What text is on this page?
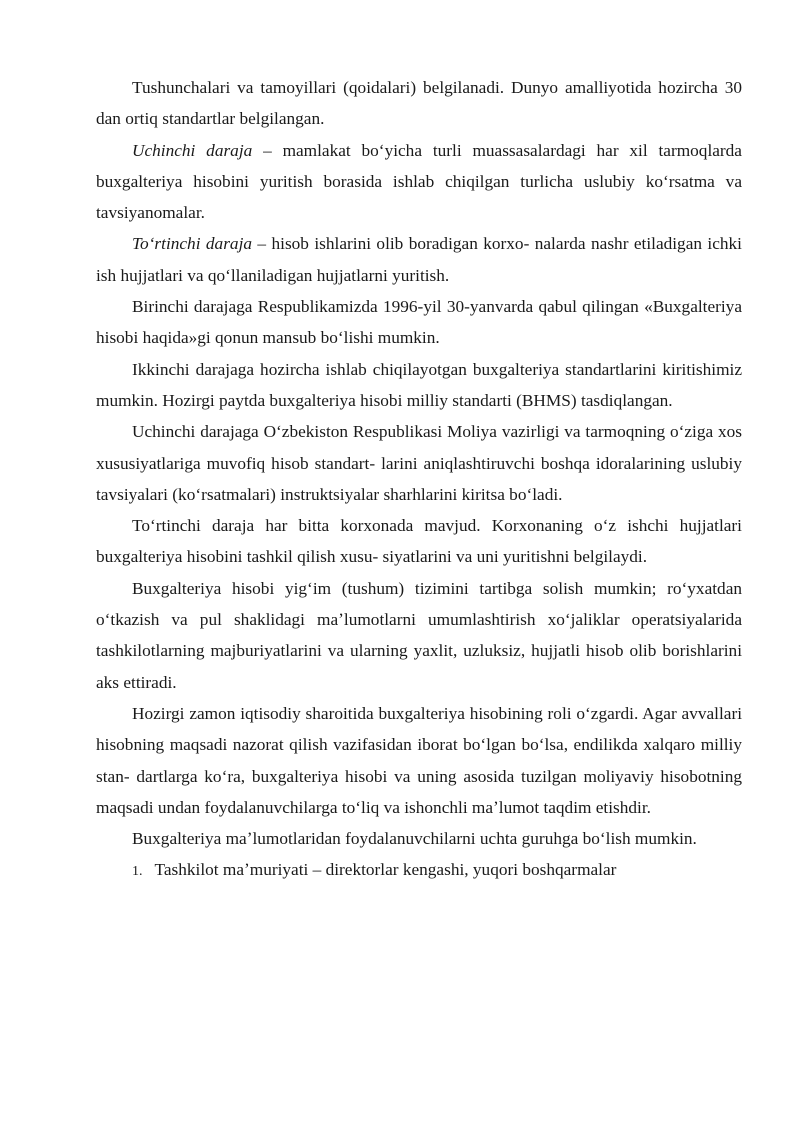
Tushunchalari va tamoyillari (qoidalari) belgilanadi. Dunyo amalliyotida hozircha 30 dan ortiq standartlar belgilangan.

Uchinchi daraja – mamlakat boʻyicha turli muassasalardagi har xil tarmoqlarda buxgalteriya hisobini yuritish borasida ishlab chiqilgan turlicha uslubiy koʻrsatma va tavsiyanomalar.

Toʻrtinchi daraja – hisob ishlarini olib boradigan korxo- nalarda nashr etiladigan ichki ish hujjatlari va qoʻllaniladigan hujjatlarni yuritish.

Birinchi darajaga Respublikamizda 1996-yil 30-yanvarda qabul qilingan «Buxgalteriya hisobi haqida»gi qonun mansub boʻlishi mumkin.

Ikkinchi darajaga hozircha ishlab chiqilayotgan buxgalteriya standartlarini kiritishimiz mumkin. Hozirgi paytda buxgalteriya hisobi milliy standarti (BHMS) tasdiqlangan.

Uchinchi darajaga Oʻzbekiston Respublikasi Moliya vazirligi va tarmoqning oʻziga xos xususiyatlariga muvofiq hisob standart- larini aniqlashtiruvchi boshqa idoralarining uslubiy tavsiyalari (koʻrsatmalari) instruktsiyalar sharhlarini kiritsa boʻladi.

Toʻrtinchi daraja har bitta korxonada mavjud. Korxonaning oʻz ishchi hujjatlari buxgalteriya hisobini tashkil qilish xusu- siyatlarini va uni yuritishni belgilaydi.

Buxgalteriya hisobi yigʻim (tushum) tizimini tartibga solish mumkin; roʻyxatdan oʻtkazish va pul shaklidagi maʼlumotlarni umumlashtirish xoʻjaliklar operatsiyalarida tashkilotlarning majburiyatlarini va ularning yaxlit, uzluksiz, hujjatli hisob olib borishlarini aks ettiradi.

Hozirgi zamon iqtisodiy sharoitida buxgalteriya hisobining roli oʻzgardi. Agar avvallari hisobning maqsadi nazorat qilish vazifasidan iborat boʻlgan boʻlsa, endilikda xalqaro milliy stan- dartlarga koʻra, buxgalteriya hisobi va uning asosida tuzilgan moliyaviy hisobotning maqsadi undan foydalanuvchilarga toʻliq va ishonchli maʼlumot taqdim etishdir.

Buxgalteriya maʼlumotlaridan foydalanuvchilarni uchta guruhga boʻlish mumkin.

1. Tashkilot maʼmuriyati – direktorlar kengashi, yuqori boshqarmalar
